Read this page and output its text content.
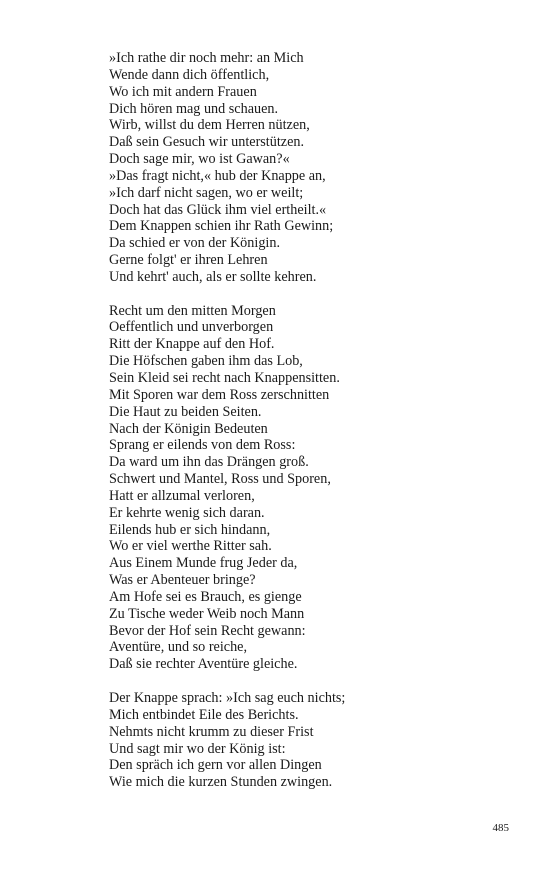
»Ich rathe dir noch mehr: an Mich
Wende dann dich öffentlich,
Wo ich mit andern Frauen
Dich hören mag und schauen.
Wirb, willst du dem Herren nützen,
Daß sein Gesuch wir unterstützen.
Doch sage mir, wo ist Gawan?«
»Das fragt nicht,« hub der Knappe an,
»Ich darf nicht sagen, wo er weilt;
Doch hat das Glück ihm viel ertheilt.«
Dem Knappen schien ihr Rath Gewinn;
Da schied er von der Königin.
Gerne folgt' er ihren Lehren
Und kehrt' auch, als er sollte kehren.
Recht um den mitten Morgen
Oeffentlich und unverborgen
Ritt der Knappe auf den Hof.
Die Höfschen gaben ihm das Lob,
Sein Kleid sei recht nach Knappensitten.
Mit Sporen war dem Ross zerschnitten
Die Haut zu beiden Seiten.
Nach der Königin Bedeuten
Sprang er eilends von dem Ross:
Da ward um ihn das Drängen groß.
Schwert und Mantel, Ross und Sporen,
Hatt er allzumal verloren,
Er kehrte wenig sich daran.
Eilends hub er sich hindann,
Wo er viel werthe Ritter sah.
Aus Einem Munde frug Jeder da,
Was er Abenteuer bringe?
Am Hofe sei es Brauch, es gienge
Zu Tische weder Weib noch Mann
Bevor der Hof sein Recht gewann:
Aventüre, und so reiche,
Daß sie rechter Aventüre gleiche.
Der Knappe sprach: »Ich sag euch nichts;
Mich entbindet Eile des Berichts.
Nehmts nicht krumm zu dieser Frist
Und sagt mir wo der König ist:
Den spräch ich gern vor allen Dingen
Wie mich die kurzen Stunden zwingen.
485
